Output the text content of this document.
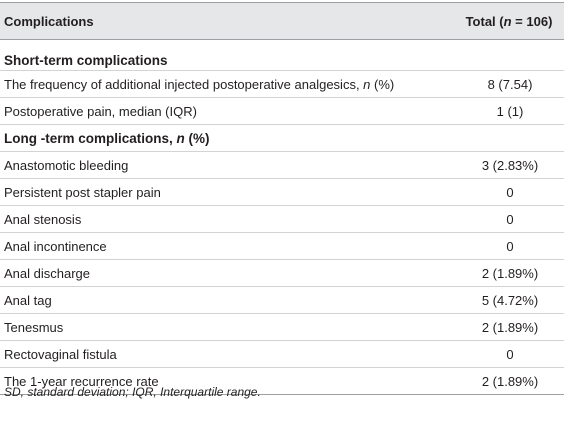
Complications	Total (n = 106)

Short-term complications	
The frequency of additional injected postoperative analgesics, n (%)	8 (7.54)
Postoperative pain, median (IQR)	1 (1)
Long -term complications, n (%)	
Anastomotic bleeding	3 (2.83%)
Persistent post stapler pain	0
Anal stenosis	0
Anal incontinence	0
Anal discharge	2 (1.89%)
Anal tag	5 (4.72%)
Tenesmus	2 (1.89%)
Rectovaginal fistula	0
The 1-year recurrence rate	2 (1.89%)
SD, standard deviation; IQR, Interquartile range.
